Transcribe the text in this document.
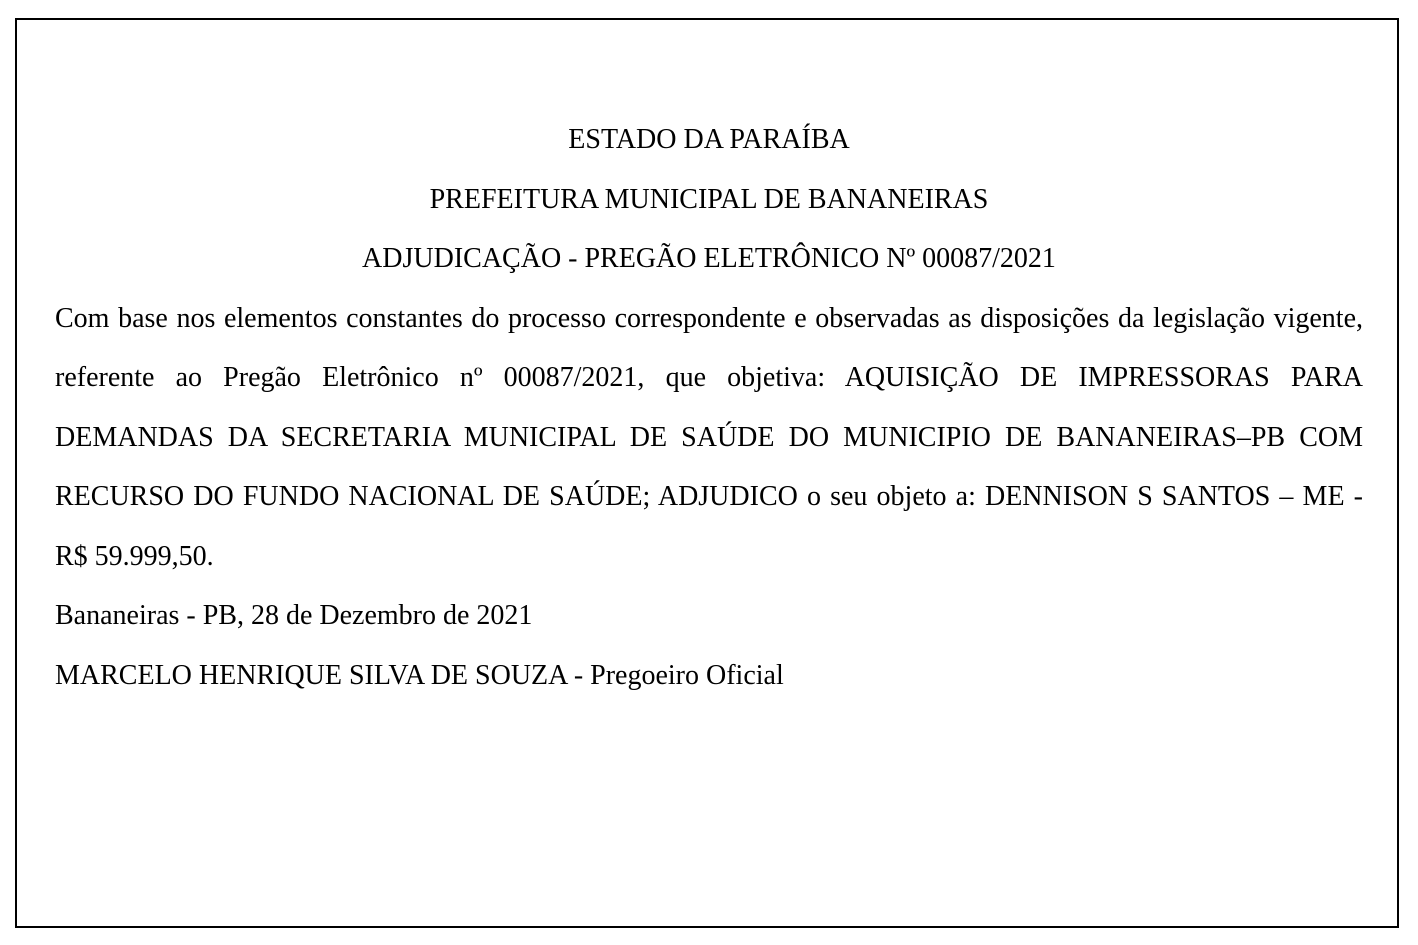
ESTADO DA PARAÍBA

PREFEITURA MUNICIPAL DE BANANEIRAS

ADJUDICAÇÃO - PREGÃO ELETRÔNICO Nº 00087/2021

Com base nos elementos constantes do processo correspondente e observadas as disposições da legislação vigente, referente ao Pregão Eletrônico nº 00087/2021, que objetiva: AQUISIÇÃO DE IMPRESSORAS PARA DEMANDAS DA SECRETARIA MUNICIPAL DE SAÚDE DO MUNICIPIO DE BANANEIRAS–PB COM RECURSO DO FUNDO NACIONAL DE SAÚDE; ADJUDICO o seu objeto a: DENNISON S SANTOS – ME - R$ 59.999,50.

Bananeiras - PB, 28 de Dezembro de 2021

MARCELO HENRIQUE SILVA DE SOUZA - Pregoeiro Oficial
